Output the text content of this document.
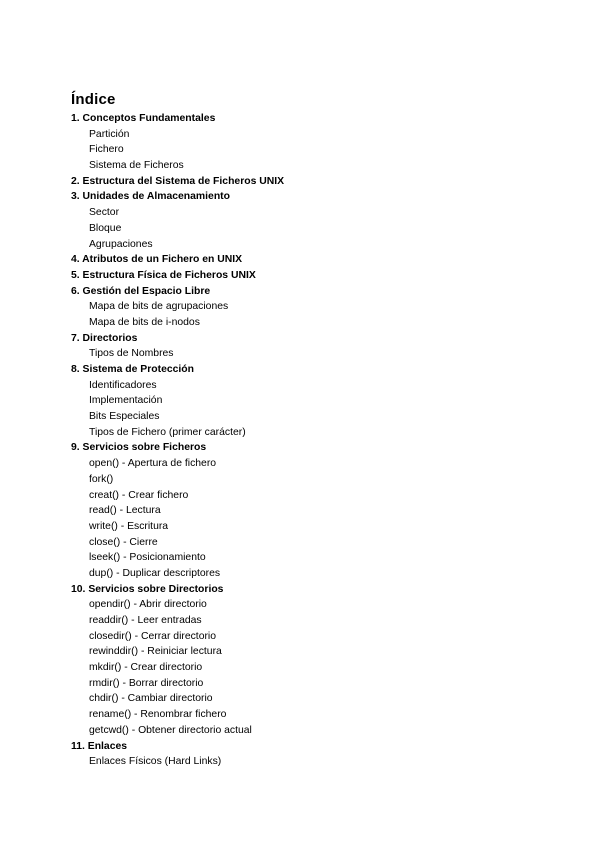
Índice
1. Conceptos Fundamentales
Partición
Fichero
Sistema de Ficheros
2. Estructura del Sistema de Ficheros UNIX
3. Unidades de Almacenamiento
Sector
Bloque
Agrupaciones
4. Atributos de un Fichero en UNIX
5. Estructura Física de Ficheros UNIX
6. Gestión del Espacio Libre
Mapa de bits de agrupaciones
Mapa de bits de i-nodos
7. Directorios
Tipos de Nombres
8. Sistema de Protección
Identificadores
Implementación
Bits Especiales
Tipos de Fichero (primer carácter)
9. Servicios sobre Ficheros
open() - Apertura de fichero
fork()
creat() - Crear fichero
read() - Lectura
write() - Escritura
close() - Cierre
lseek() - Posicionamiento
dup() - Duplicar descriptores
10. Servicios sobre Directorios
opendir() - Abrir directorio
readdir() - Leer entradas
closedir() - Cerrar directorio
rewinddir() - Reiniciar lectura
mkdir() - Crear directorio
rmdir() - Borrar directorio
chdir() - Cambiar directorio
rename() - Renombrar fichero
getcwd() - Obtener directorio actual
11. Enlaces
Enlaces Físicos (Hard Links)
